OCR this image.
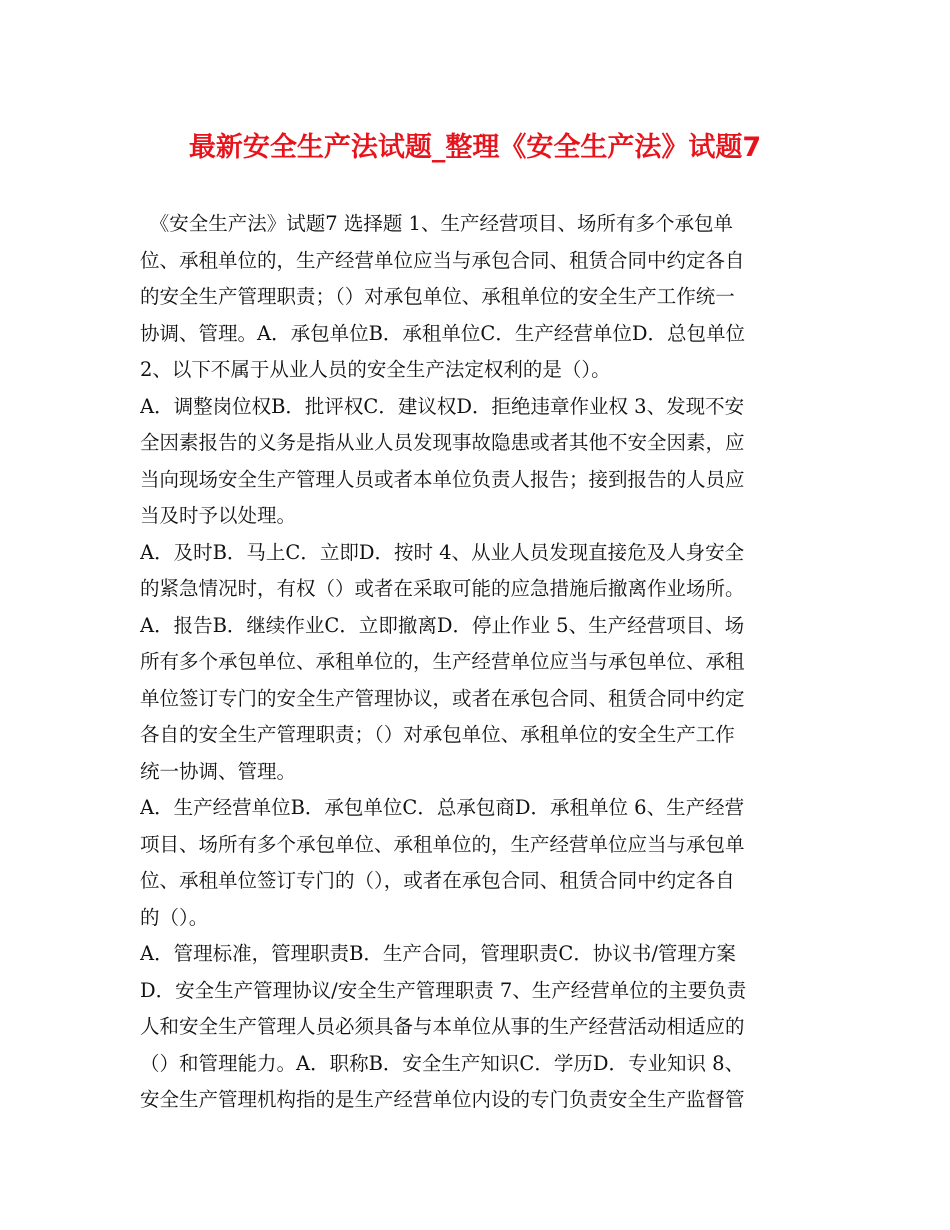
最新安全生产法试题_整理《安全生产法》试题7
　《安全生产法》试题7 选择题 1、生产经营项目、场所有多个承包单
位、承租单位的，生产经营单位应当与承包合同、租赁合同中约定各自
的安全生产管理职责；（）对承包单位、承租单位的安全生产工作统一
协调、管理。A．承包单位B．承租单位C．生产经营单位D．总包单位
2、以下不属于从业人员的安全生产法定权利的是（）。
A．调整岗位权B．批评权C．建议权D．拒绝违章作业权 3、发现不安
全因素报告的义务是指从业人员发现事故隐患或者其他不安全因素，应
当向现场安全生产管理人员或者本单位负责人报告；接到报告的人员应
当及时予以处理。
A．及时B．马上C．立即D．按时 4、从业人员发现直接危及人身安全
的紧急情况时，有权（）或者在采取可能的应急措施后撤离作业场所。
A．报告B．继续作业C．立即撤离D．停止作业 5、生产经营项目、场
所有多个承包单位、承租单位的，生产经营单位应当与承包单位、承租
单位签订专门的安全生产管理协议，或者在承包合同、租赁合同中约定
各自的安全生产管理职责；（）对承包单位、承租单位的安全生产工作
统一协调、管理。
A．生产经营单位B．承包单位C．总承包商D．承租单位 6、生产经营
项目、场所有多个承包单位、承租单位的，生产经营单位应当与承包单
位、承租单位签订专门的（），或者在承包合同、租赁合同中约定各自
的（）。
A．管理标准，管理职责B．生产合同，管理职责C．协议书/管理方案
D．安全生产管理协议/安全生产管理职责 7、生产经营单位的主要负责
人和安全生产管理人员必须具备与本单位从事的生产经营活动相适应的
（）和管理能力。A．职称B．安全生产知识C．学历D．专业知识 8、
安全生产管理机构指的是生产经营单位内设的专门负责安全生产监督管
